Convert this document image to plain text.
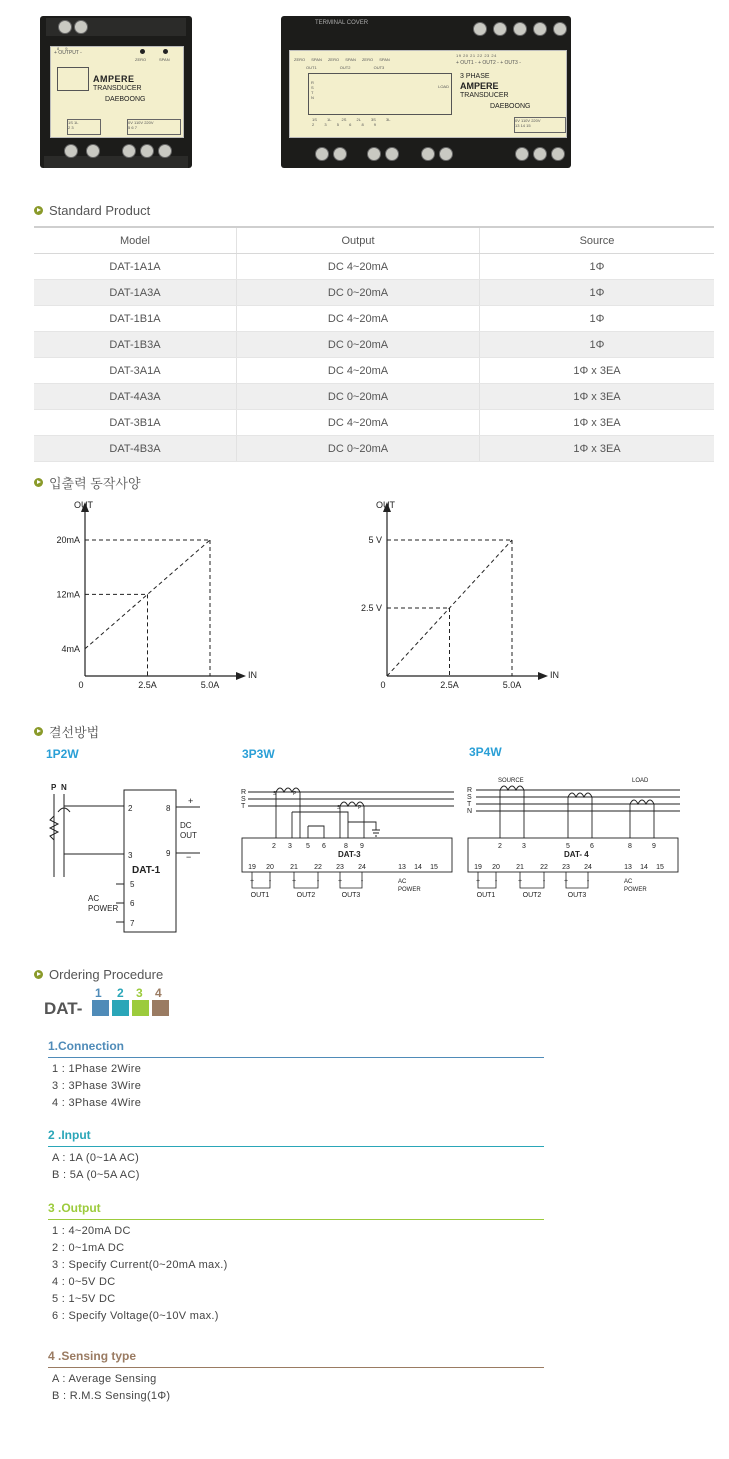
+ OUTPUT -
89
ZERO	SPAN
AMPERE
TRANSDUCER
DAEBOONG
1S 1L
2 3
0V 110V 220V
5 6 7
TERMINAL COVER
19 20 21 22 23 24
+ OUT1 - + OUT2 - + OUT3 -
ZERO SPAN ZERO SPAN ZERO SPAN
OUT1	OUT2	OUT3
R S T N
LOAD
3 PHASE
AMPERE
TRANSDUCER
DAEBOONG
1S	1L	2S	2L	3S	3L
2	3	5	6	8	9
0V 110V 220V
13 14 15
Standard Product
Model	Output	Source
DAT-1A1A	DC 4~20mA	1Φ
DAT-1A3A	DC 0~20mA	1Φ
DAT-1B1A	DC 4~20mA	1Φ
DAT-1B3A	DC 0~20mA	1Φ
DAT-3A1A	DC 4~20mA	1Φ x 3EA
DAT-4A3A	DC 0~20mA	1Φ x 3EA
DAT-3B1A	DC 4~20mA	1Φ x 3EA
DAT-4B3A	DC 0~20mA	1Φ x 3EA
입출력 동작사양
0	2.5A	5.0A
4mA
12mA
20mA
OUT
IN
0	2.5A	5.0A
2.5 V
5 V
OUT
IN
결선방법
1P2W
P N
2
3
5
6
7
8
9
DAT-1
+
−
DC
OUT
AC
POWER
3P3W
R
S
T
S	P
S	P
2 3 5 6	8 9
19 20 21 22 23 24	13 14 15
+ -	+	-	+	-
OUT1	OUT2	OUT3
DAT-3
AC
POWER
3P4W
SOURCE	LOAD
R
S
T
N
2	3	5	6	8	9
19 20 21 22 23 24	13 14 15
+ -	+	-	+	-
OUT1	OUT2	OUT3
DAT- 4
AC
POWER
Ordering Procedure
DAT-
1 2 3 4
1.Connection
1 : 1Phase 2Wire
3 : 3Phase 3Wire
4 : 3Phase 4Wire
2 .Input
A : 1A (0~1A AC)
B : 5A (0~5A AC)
3 .Output
1 : 4~20mA DC
2 : 0~1mA DC
3 : Specify Current(0~20mA max.)
4 : 0~5V DC
5 : 1~5V DC
6 : Specify Voltage(0~10V max.)
4 .Sensing type
A : Average Sensing
B : R.M.S Sensing(1Φ)
